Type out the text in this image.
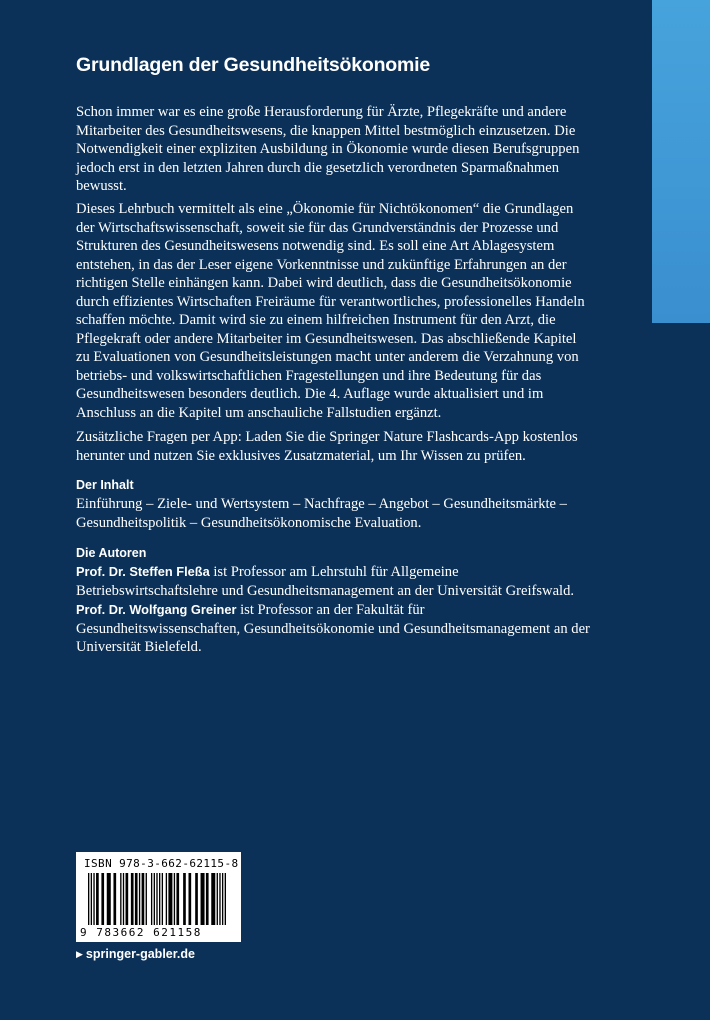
Grundlagen der Gesundheitsökonomie

Schon immer war es eine große Herausforderung für Ärzte, Pflegekräfte und andere Mitarbeiter des Gesundheitswesens, die knappen Mittel bestmöglich einzusetzen. Die Notwendigkeit einer expliziten Ausbildung in Ökonomie wurde diesen Berufsgruppen jedoch erst in den letzten Jahren durch die gesetzlich verordneten Sparmaßnahmen bewusst.

Dieses Lehrbuch vermittelt als eine „Ökonomie für Nichtökonomen“ die Grundlagen der Wirtschaftswissenschaft, soweit sie für das Grundverständnis der Prozesse und Strukturen des Gesundheitswesens notwendig sind. Es soll eine Art Ablagesystem entstehen, in das der Leser eigene Vorkenntnisse und zukünftige Erfahrungen an der richtigen Stelle einhängen kann. Dabei wird deutlich, dass die Gesundheitsökonomie durch effizientes Wirtschaften Freiräume für verantwortliches, professionelles Handeln schaffen möchte. Damit wird sie zu einem hilfreichen Instrument für den Arzt, die Pflegekraft oder andere Mitarbeiter im Gesundheitswesen. Das abschließende Kapitel zu Evaluationen von Gesundheitsleistungen macht unter anderem die Verzahnung von betriebs- und volkswirtschaftlichen Fragestellungen und ihre Bedeutung für das Gesundheitswesen besonders deutlich. Die 4. Auflage wurde aktualisiert und im Anschluss an die Kapitel um anschauliche Fallstudien ergänzt.

Zusätzliche Fragen per App: Laden Sie die Springer Nature Flashcards-App kostenlos herunter und nutzen Sie exklusives Zusatzmaterial, um Ihr Wissen zu prüfen.

Der Inhalt

Einführung – Ziele- und Wertsystem – Nachfrage – Angebot – Gesundheitsmärkte – Gesundheitspolitik – Gesundheitsökonomische Evaluation.

Die Autoren

Prof. Dr. Steffen Fleßa ist Professor am Lehrstuhl für Allgemeine Betriebswirtschaftslehre und Gesundheitsmanagement an der Universität Greifswald.

Prof. Dr. Wolfgang Greiner ist Professor an der Fakultät für Gesundheitswissenschaften, Gesundheitsökonomie und Gesundheitsmanagement an der Universität Bielefeld.

ISBN 978-3-662-62115-8
9 783662 621158
▶ springer-gabler.de
